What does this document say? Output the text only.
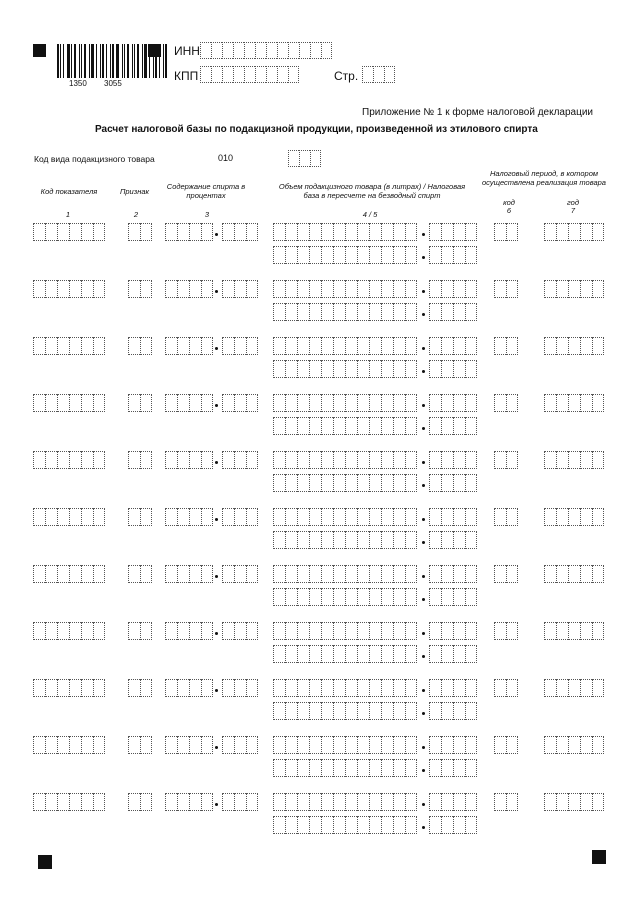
1350 3055
ИНН
КПП	Стр.
Приложение № 1 к форме налоговой декларации
Расчет налоговой базы по подакцизной продукции, произведенной из этилового спирта
Код вида подакцизного товара	010
Код показателя	Признак
Содержание спирта в процентах
Объем подакцизного товара (в литрах) / Налоговая база в пересчете на безводный спирт
Налоговый период, в котором осуществлена реализация товара
код	год
1	2	3	4 / 5	6	7
